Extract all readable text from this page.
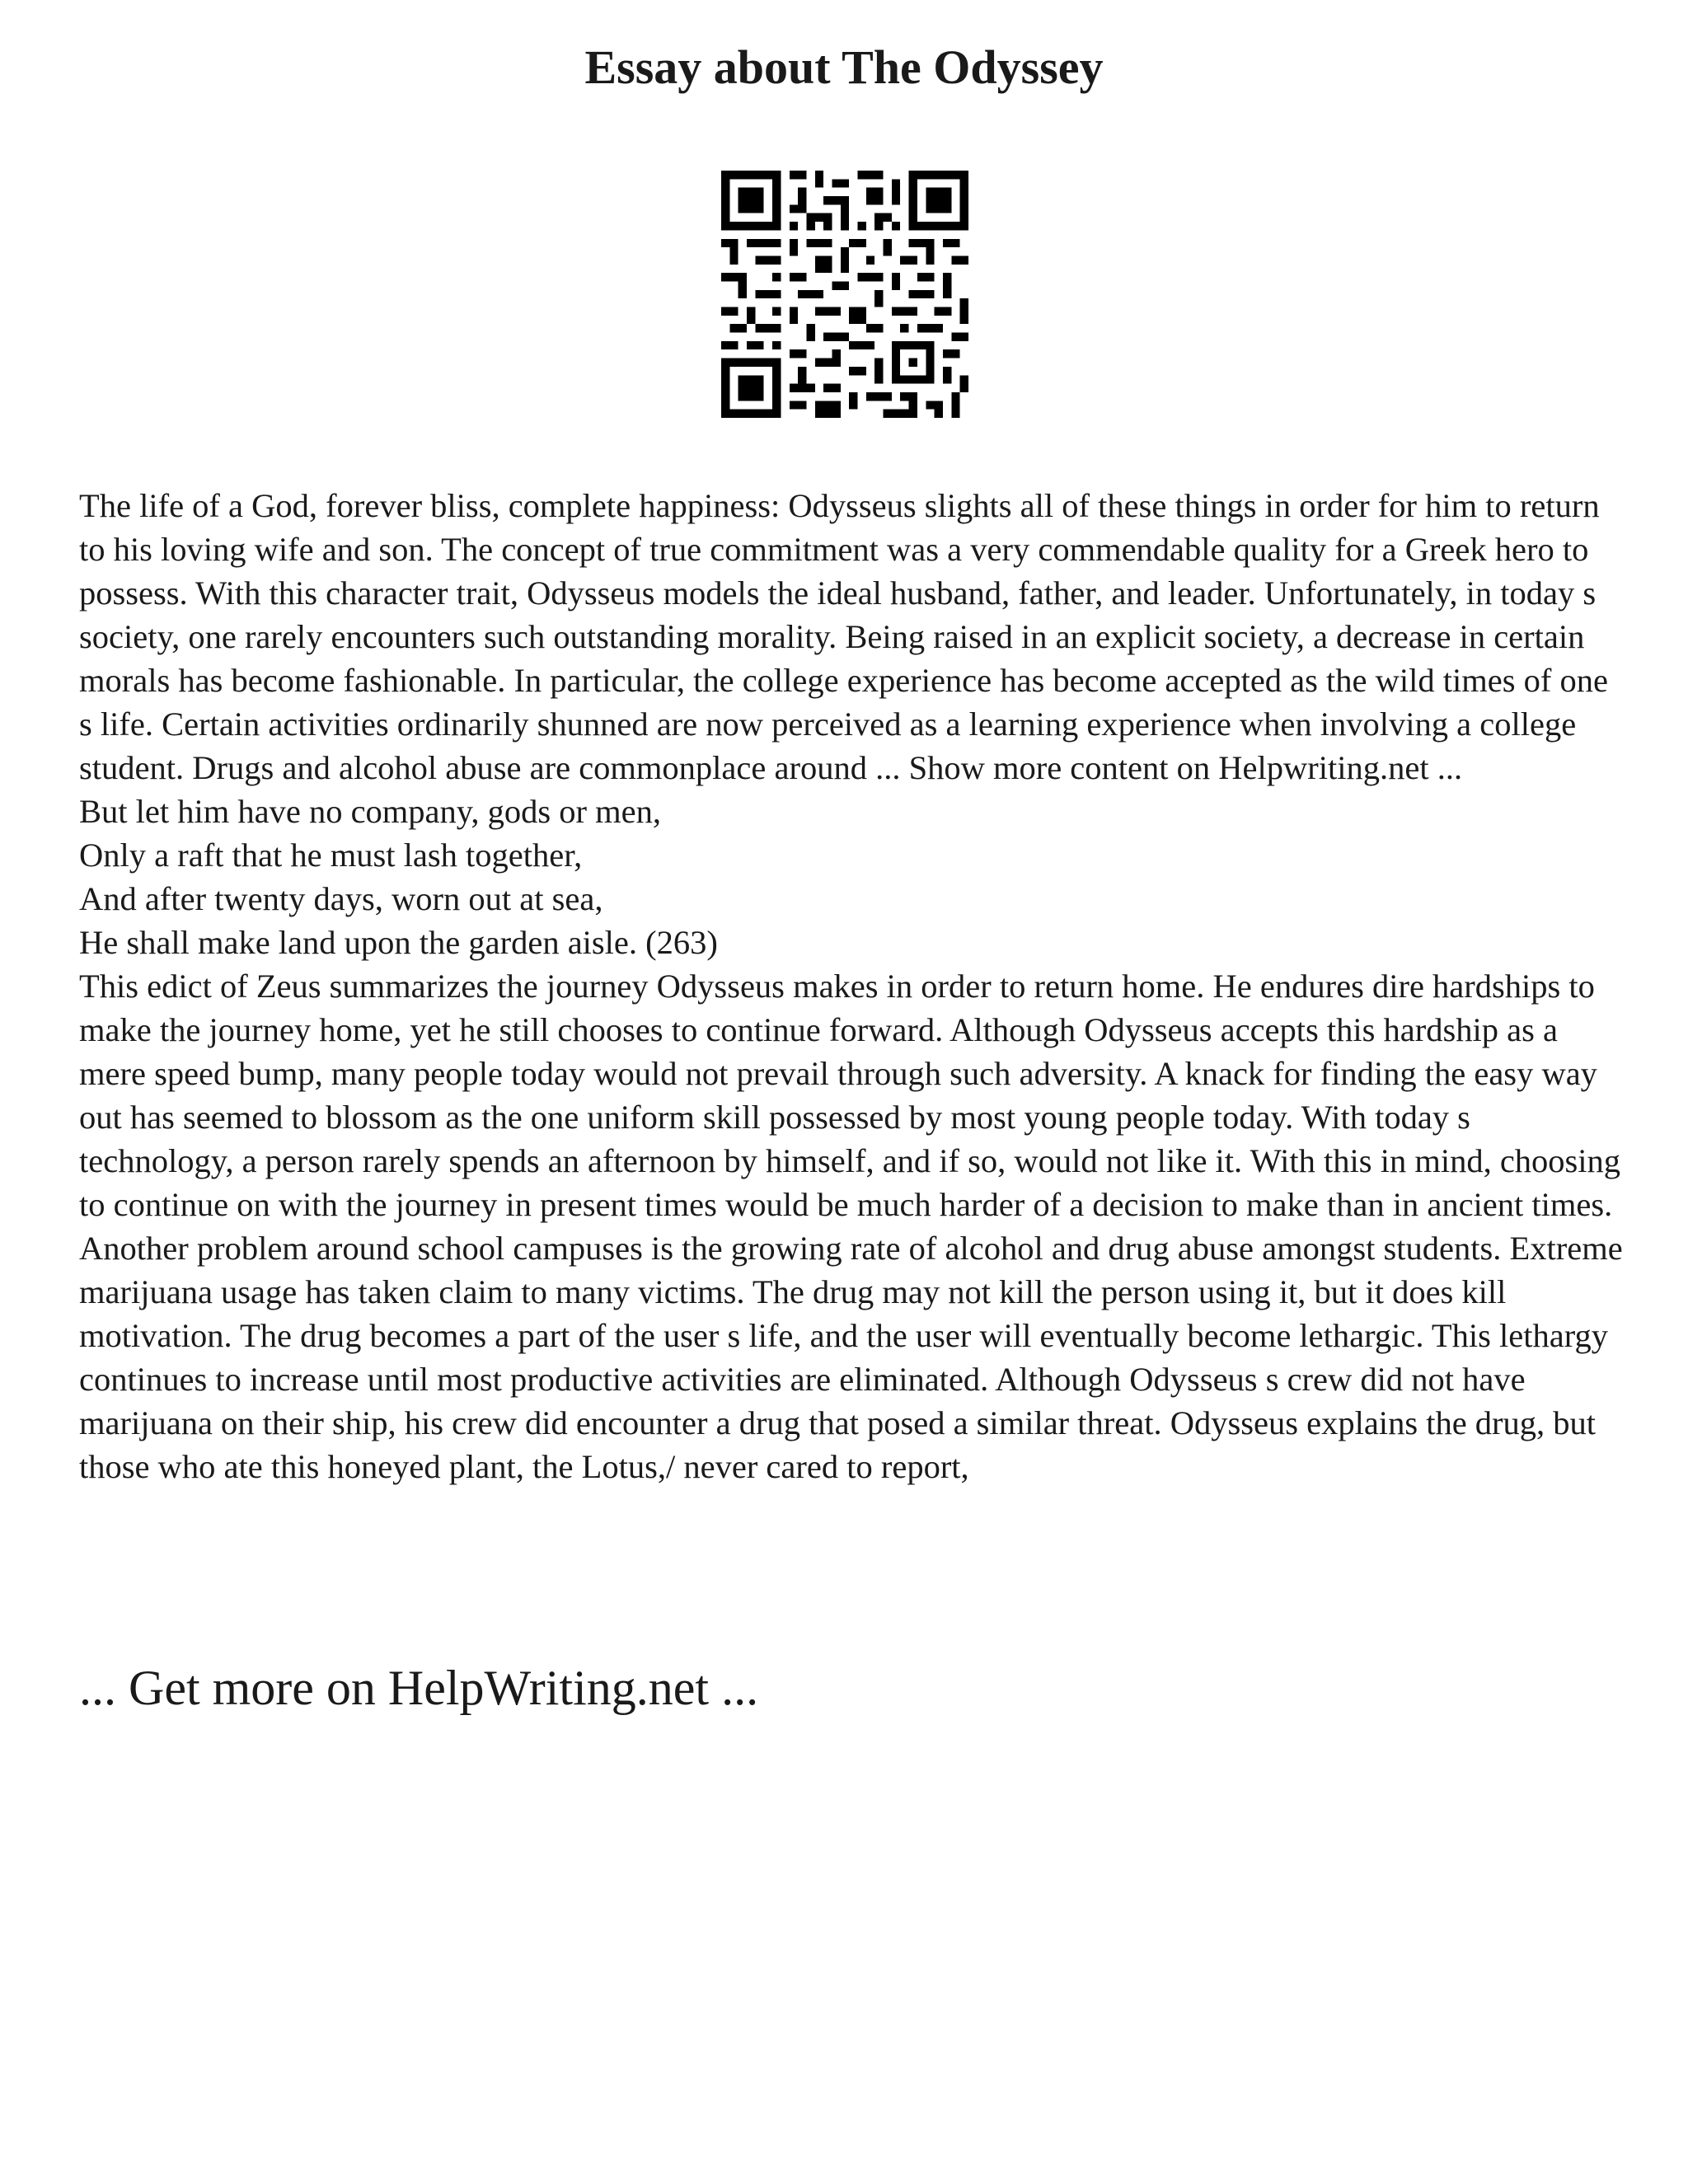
Essay about The Odyssey

The life of a God, forever bliss, complete happiness: Odysseus slights all of these things in order for him to return to his loving wife and son. The concept of true commitment was a very commendable quality for a Greek hero to possess. With this character trait, Odysseus models the ideal husband, father, and leader. Unfortunately, in today s society, one rarely encounters such outstanding morality. Being raised in an explicit society, a decrease in certain morals has become fashionable. In particular, the college experience has become accepted as the wild times of one s life. Certain activities ordinarily shunned are now perceived as a learning experience when involving a college student. Drugs and alcohol abuse are commonplace around ... Show more content on Helpwriting.net ...

But let him have no company, gods or men,
Only a raft that he must lash together,
And after twenty days, worn out at sea,
He shall make land upon the garden aisle. (263)

This edict of Zeus summarizes the journey Odysseus makes in order to return home. He endures dire hardships to make the journey home, yet he still chooses to continue forward. Although Odysseus accepts this hardship as a mere speed bump, many people today would not prevail through such adversity. A knack for finding the easy way out has seemed to blossom as the one uniform skill possessed by most young people today. With today s technology, a person rarely spends an afternoon by himself, and if so, would not like it. With this in mind, choosing to continue on with the journey in present times would be much harder of a decision to make than in ancient times.

Another problem around school campuses is the growing rate of alcohol and drug abuse amongst students. Extreme marijuana usage has taken claim to many victims. The drug may not kill the person using it, but it does kill motivation. The drug becomes a part of the user s life, and the user will eventually become lethargic. This lethargy continues to increase until most productive activities are eliminated. Although Odysseus s crew did not have marijuana on their ship, his crew did encounter a drug that posed a similar threat. Odysseus explains the drug, but those who ate this honeyed plant, the Lotus,/ never cared to report,

... Get more on HelpWriting.net ...
